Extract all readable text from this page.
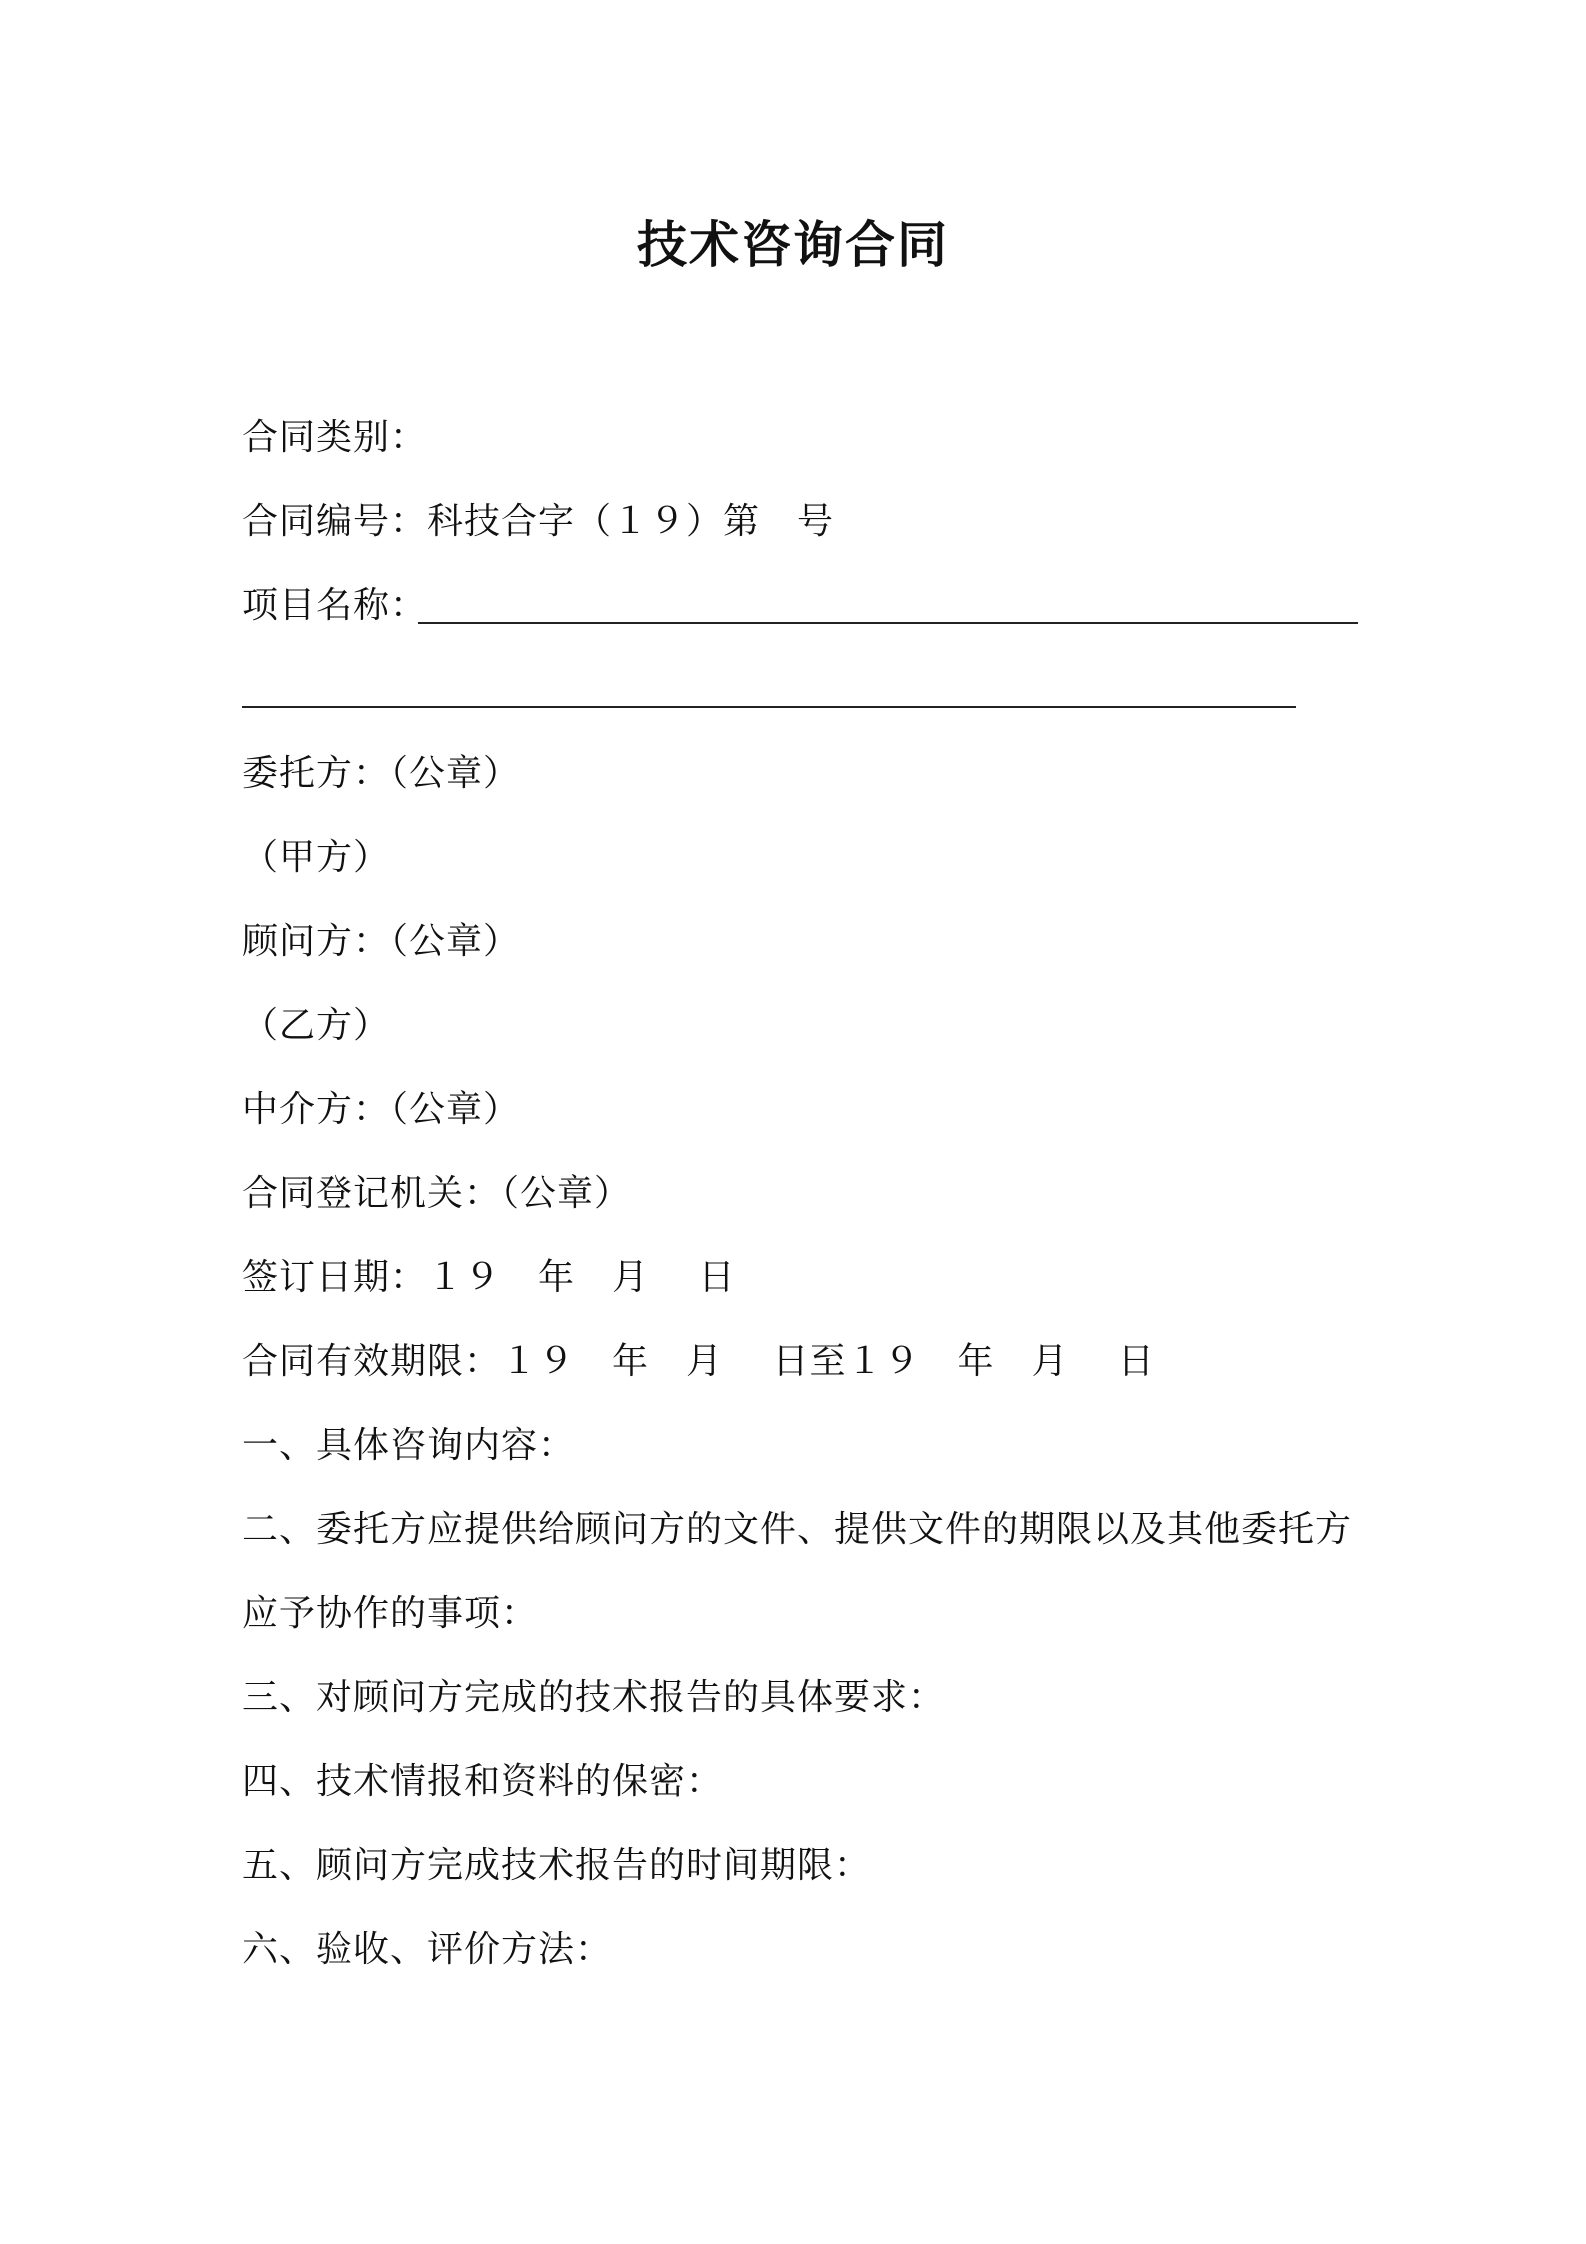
技术咨询合同
合同类别：
合同编号：科技合字（１９）第　号
项目名称：
委托方：（公章）
（甲方）
顾问方：（公章）
（乙方）
中介方：（公章）
合同登记机关：（公章）
签订日期：１９　年　月　 日
合同有效期限：１９　年　月　 日至１９　年　月　 日
一、具体咨询内容：
二、委托方应提供给顾问方的文件、提供文件的期限以及其他委托方
应予协作的事项：
三、对顾问方完成的技术报告的具体要求：
四、技术情报和资料的保密：
五、顾问方完成技术报告的时间期限：
六、验收、评价方法：
